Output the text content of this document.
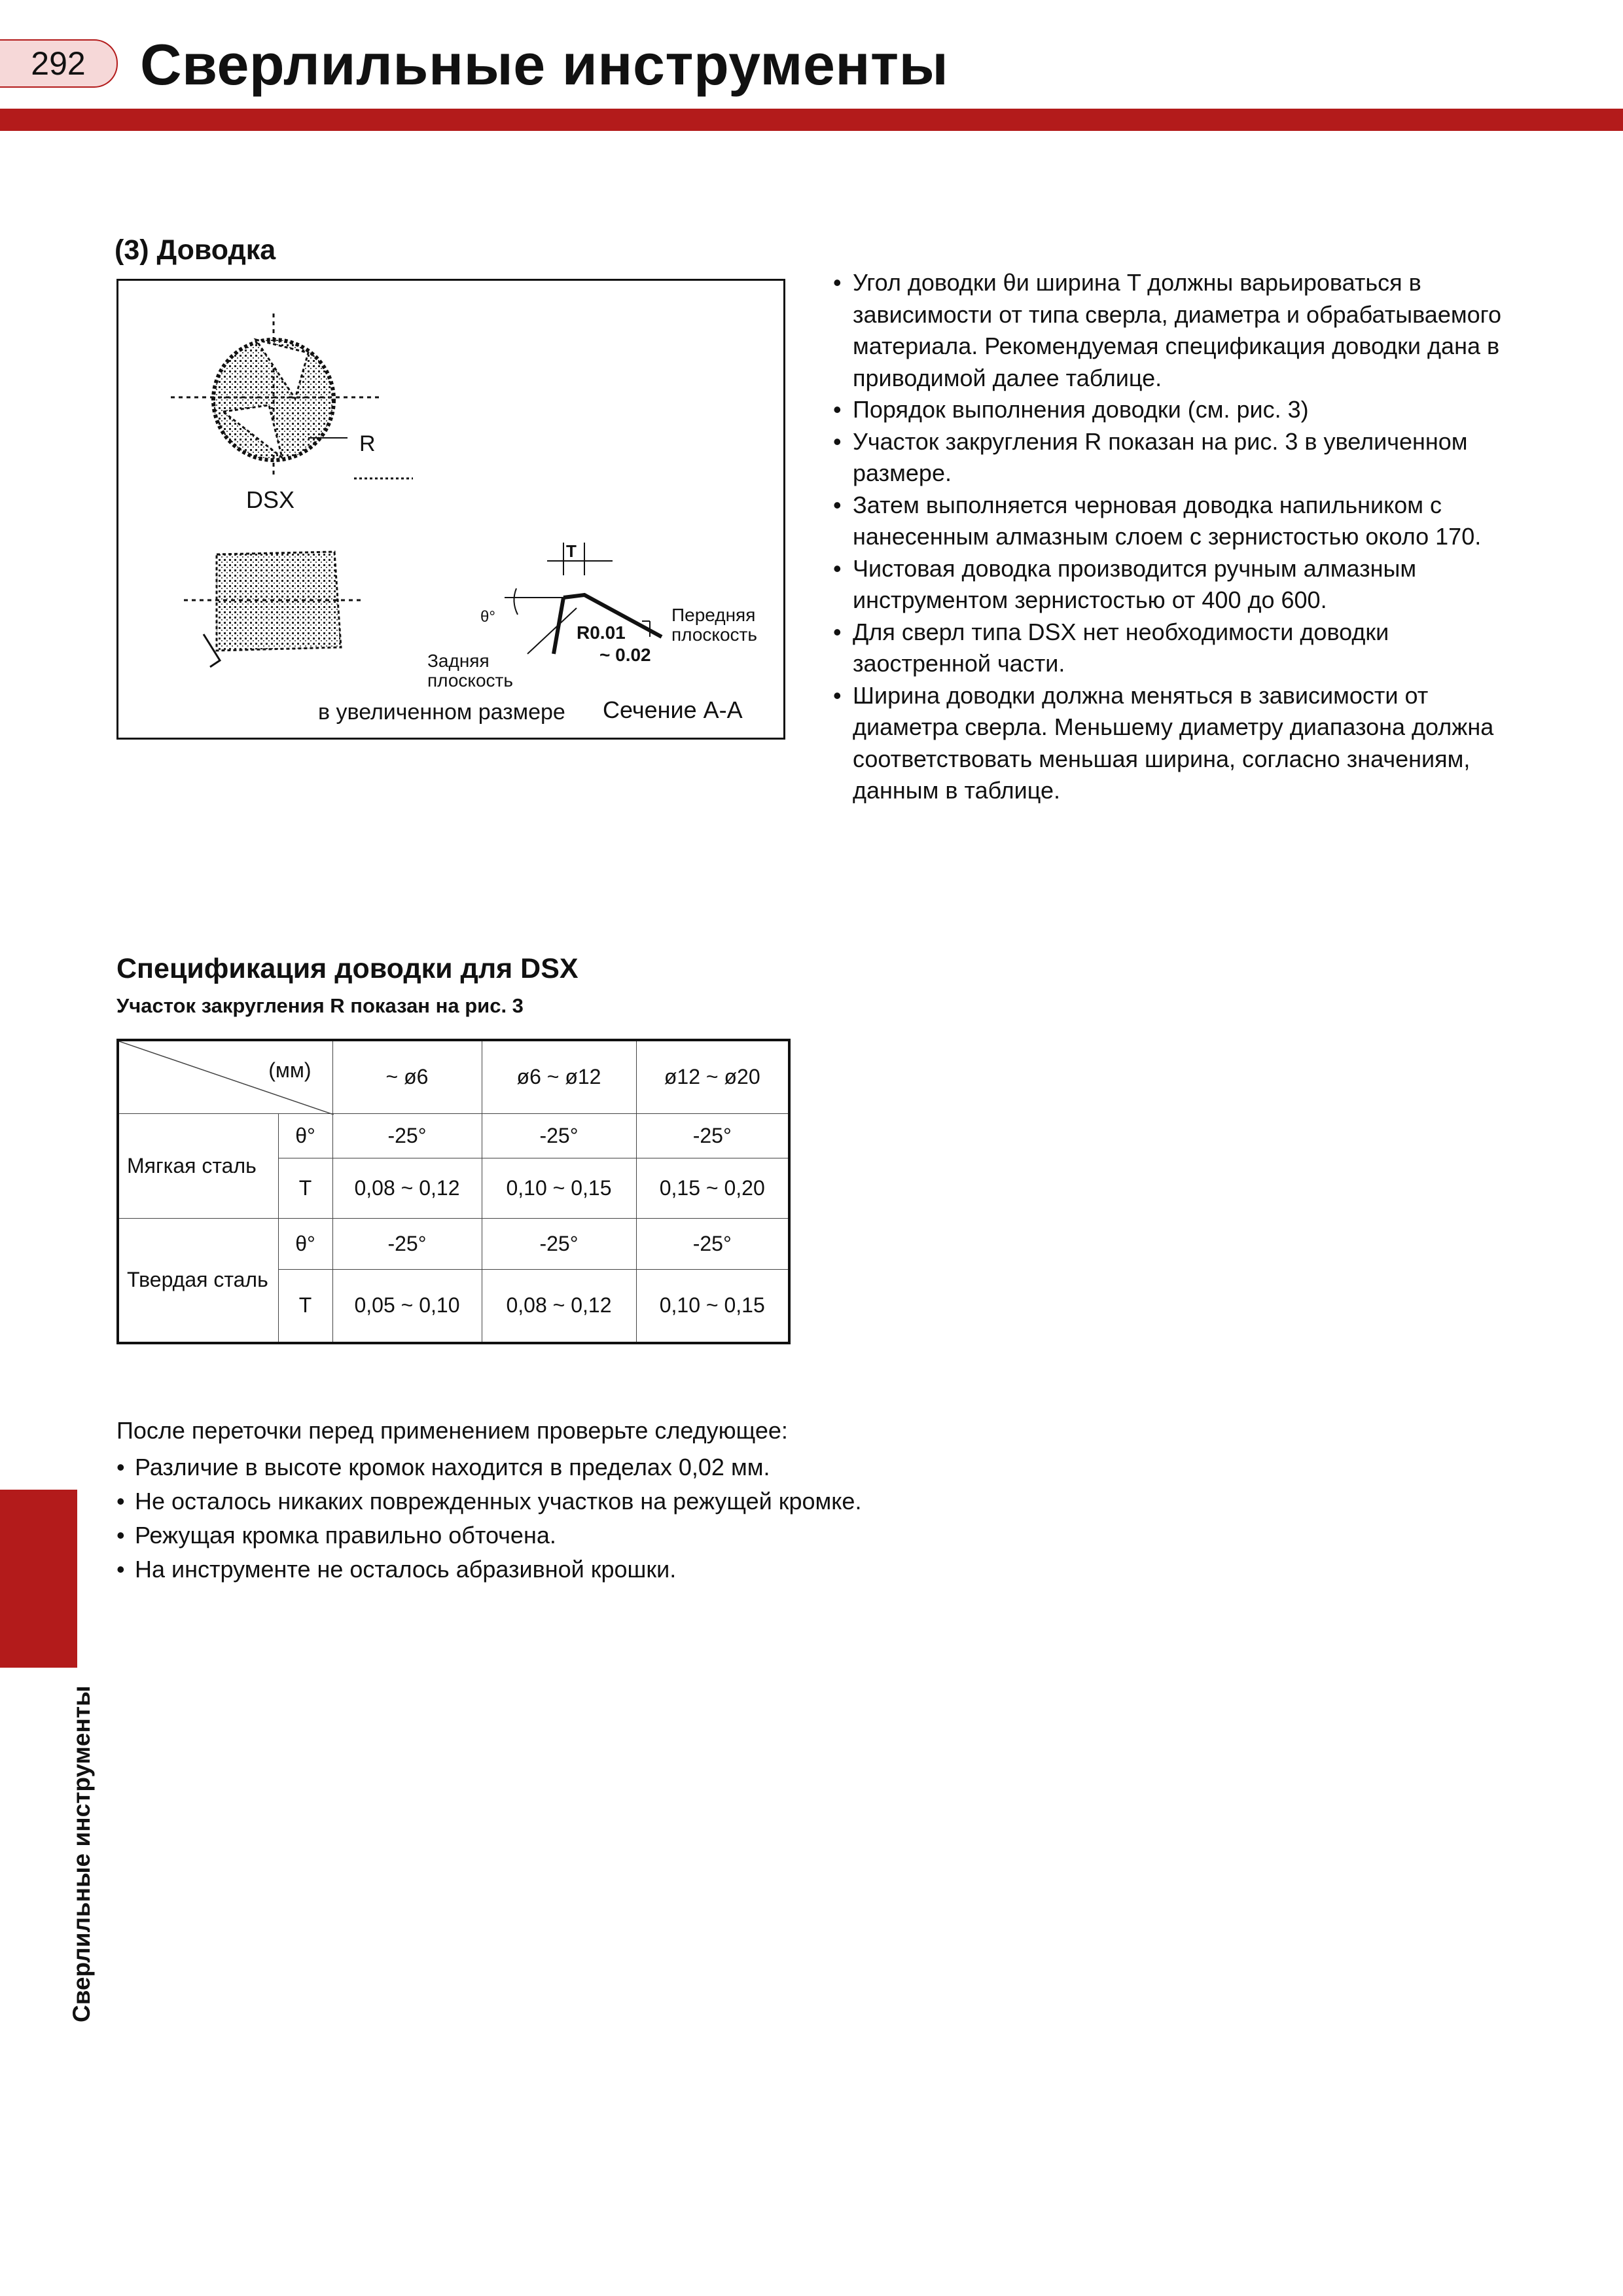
292 Сверлильные инструменты
Сверлильные инструменты
(3) Доводка
R
DSX
T
θ°
R0.01
~ 0.02
Передняя
плоскость
Задняя
плоскость
в увеличенном размере Сечение A-A
• Угол доводки θи ширина T должны варьироваться в зависимости от типа сверла, диаметра и обрабатываемого материала. Рекомендуемая спецификация доводки дана в приводимой далее таблице.
• Порядок выполнения доводки (см. рис. 3)
• Участок закругления R показан на рис. 3 в увеличенном размере.
• Затем выполняется черновая доводка напильником с нанесенным алмазным слоем с зернистостью около 170.
• Чистовая доводка производится ручным алмазным инструментом зернистостью от 400 до 600.
• Для сверл типа DSX нет необходимости доводки заостренной части.
• Ширина доводки должна меняться в зависимости от диаметра сверла. Меньшему диаметру диапазона должна соответствовать меньшая ширина, согласно значениям, данным в таблице.
Спецификация доводки для DSX

Участок закругления R показан на рис. 3

(мм)		~ ø6	ø6 ~ ø12	ø12 ~ ø20
Мягкая сталь	θ°	-25°	-25°	-25°
	T	0,08 ~ 0,12	0,10 ~ 0,15	0,15 ~ 0,20
Твердая сталь	θ°	-25°	-25°	-25°
	T	0,05 ~ 0,10	0,08 ~ 0,12	0,10 ~ 0,15

После переточки перед применением проверьте следующее:

• Различие в высоте кромок находится в пределах 0,02 мм.
• Не осталось никаких поврежденных участков на режущей кромке.
• Режущая кромка правильно обточена.
• На инструменте не осталось абразивной крошки.
